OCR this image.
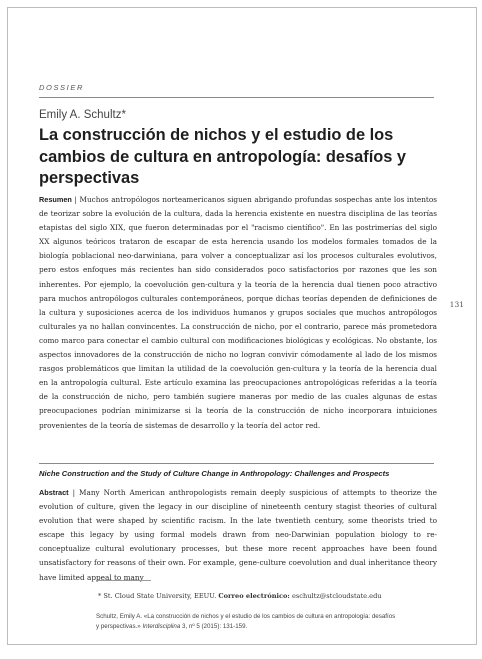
DOSSIER
Emily A. Schultz*
La construcción de nichos y el estudio de los cambios de cultura en antropología: desafíos y perspectivas

Resumen | Muchos antropólogos norteamericanos siguen abrigando profundas sospechas ante los intentos de teorizar sobre la evolución de la cultura, dada la herencia existente en nuestra disciplina de las teorías etapistas del siglo XIX, que fueron determinadas por el "racismo científico". En las postrimerías del siglo XX algunos teóricos trataron de escapar de esta herencia usando los modelos formales tomados de la biología poblacional neo-darwiniana, para volver a conceptualizar así los procesos culturales evolutivos, pero estos enfoques más recientes han sido considerados poco satisfactorios por razones que les son inherentes. Por ejemplo, la coevolución gen-cultura y la teoría de la herencia dual tienen poco atractivo para muchos antropólogos culturales contemporáneos, porque dichas teorías dependen de definiciones de la cultura y suposiciones acerca de los individuos humanos y grupos sociales que muchos antropólogos culturales ya no hallan convincentes. La construcción de nicho, por el contrario, parece más prometedora como marco para conectar el cambio cultural con modificaciones biológicas y ecológicas. No obstante, los aspectos innovadores de la construcción de nicho no logran convivir cómodamente al lado de los mismos rasgos problemáticos que limitan la utilidad de la coevolución gen-cultura y la teoría de la herencia dual en la antropología cultural. Este artículo examina las preocupaciones antropológicas referidas a la teoría de la construcción de nicho, pero también sugiere maneras por medio de las cuales algunas de estas preocupaciones podrían minimizarse si la teoría de la construcción de nicho incorporara intuiciones provenientes de la teoría de sistemas de desarrollo y la teoría del actor red.

131
Niche Construction and the Study of Culture Change in Anthropology: Challenges and Prospects

Abstract | Many North American anthropologists remain deeply suspicious of attempts to theorize the evolution of culture, given the legacy in our discipline of nineteenth century stagist theories of cultural evolution that were shaped by scientific racism. In the late twentieth century, some theorists tried to escape this legacy by using formal models drawn from neo-Darwinian population biology to re-conceptualize cultural evolutionary processes, but these more recent approaches have been found unsatisfactory for reasons of their own. For example, gene-culture coevolution and dual inheritance theory have limited appeal to many

* St. Cloud State University, EEUU. Correo electrónico: eschultz@stcloudstate.edu
Schultz, Emily A. «La construcción de nichos y el estudio de los cambios de cultura en antropología: desafíos y perspectivas.» Interdisciplina 3, nº 5 (2015): 131-159.
